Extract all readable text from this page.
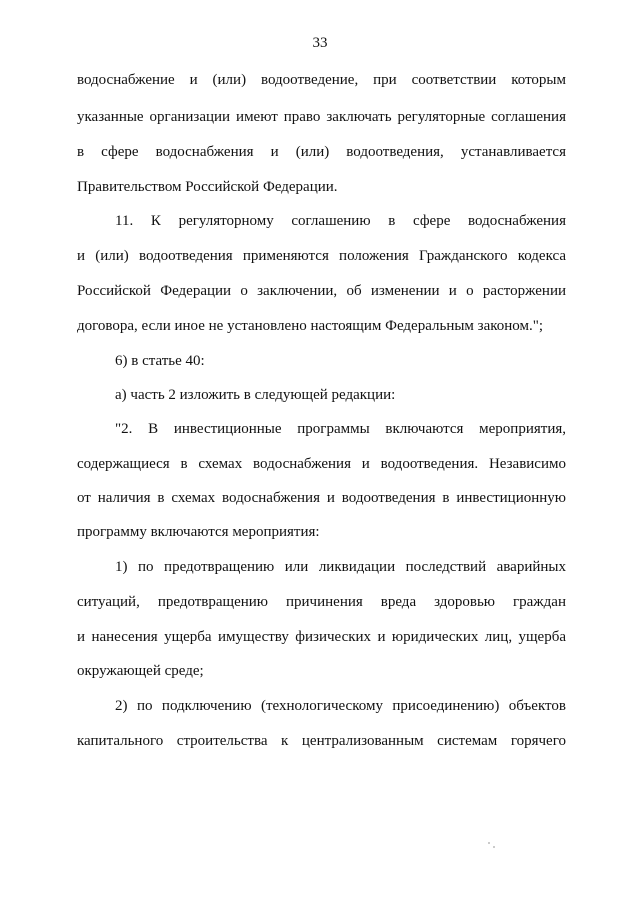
33
водоснабжение и (или) водоотведение, при соответствии которым
указанные организации имеют право заключать регуляторные соглашения
в сфере водоснабжения и (или) водоотведения, устанавливается
Правительством Российской Федерации.
11. К регуляторному соглашению в сфере водоснабжения
и (или) водоотведения применяются положения Гражданского кодекса
Российской Федерации о заключении, об изменении и о расторжении
договора, если иное не установлено настоящим Федеральным законом.";
6) в статье 40:
а) часть 2 изложить в следующей редакции:
"2. В инвестиционные программы включаются мероприятия,
содержащиеся в схемах водоснабжения и водоотведения. Независимо
от наличия в схемах водоснабжения и водоотведения в инвестиционную
программу включаются мероприятия:
1) по предотвращению или ликвидации последствий аварийных
ситуаций, предотвращению причинения вреда здоровью граждан
и нанесения ущерба имуществу физических и юридических лиц, ущерба
окружающей среде;
2) по подключению (технологическому присоединению) объектов
капитального строительства к централизованным системам горячего
